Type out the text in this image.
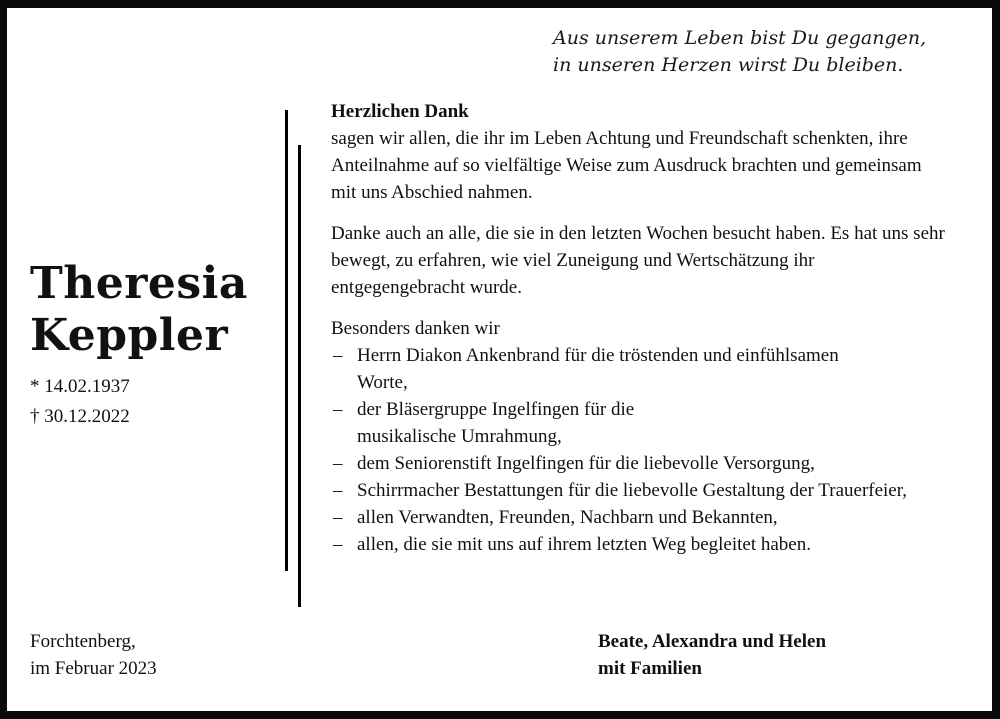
Aus unserem Leben bist Du gegangen,
in unseren Herzen wirst Du bleiben.
Theresia
Keppler
* 14.02.1937
† 30.12.2022
Herzlichen Dank

sagen wir allen, die ihr im Leben Achtung und Freundschaft schenkten, ihre Anteilnahme auf so vielfältige Weise zum Ausdruck brachten und gemeinsam mit uns Abschied nahmen.

Danke auch an alle, die sie in den letzten Wochen besucht haben. Es hat uns sehr bewegt, zu erfahren, wie viel Zuneigung und Wertschätzung ihr entgegengebracht wurde.

Besonders danken wir
– Herrn Diakon Ankenbrand für die tröstenden und einfühlsamen Worte,
– der Bläsergruppe Ingelfingen für die musikalische Umrahmung,
– dem Seniorenstift Ingelfingen für die liebevolle Versorgung,
– Schirrmacher Bestattungen für die liebevolle Gestaltung der Trauerfeier,
– allen Verwandten, Freunden, Nachbarn und Bekannten,
– allen, die sie mit uns auf ihrem letzten Weg begleitet haben.
Forchtenberg,
im Februar 2023
Beate, Alexandra und Helen
mit Familien
